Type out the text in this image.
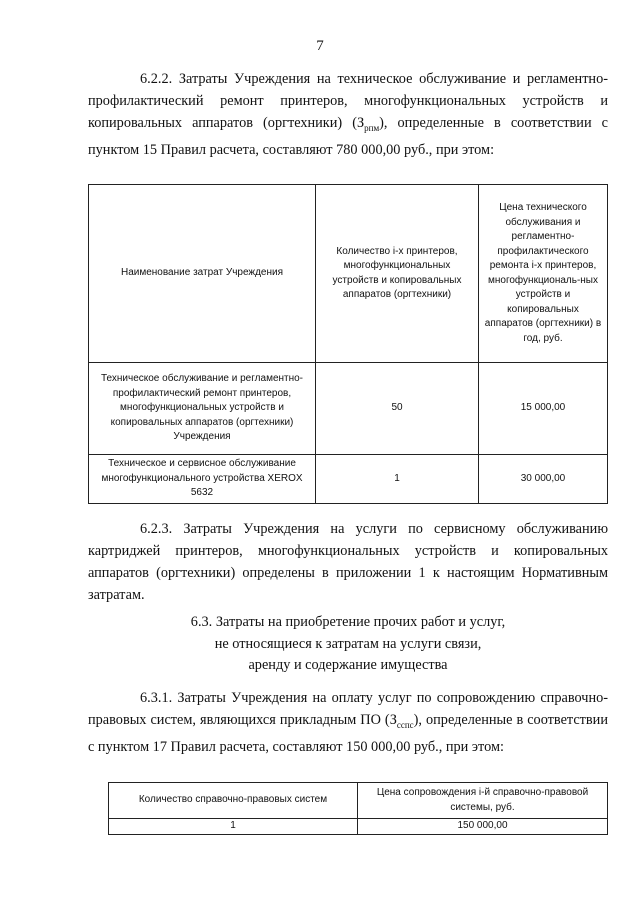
7

6.2.2. Затраты Учреждения на техническое обслуживание и регламентно-профилактический ремонт принтеров, многофункциональных устройств и копировальных аппаратов (оргтехники) $(З_{рпм})$, определенные в соответствии с пунктом 15 Правил расчета, составляют 780 000,00 руб., при этом:

Наименование затрат Учреждения	Количество i-х принтеров, многофункциональных устройств и копировальных аппаратов (оргтехники)	Цена технического обслуживания и регламентно-профилактического ремонта i-х принтеров, многофункциональ-ных устройств и копировальных аппаратов (оргтехники) в год, руб.
Техническое обслуживание и регламентно-профилактический ремонт принтеров, многофункциональных устройств и копировальных аппаратов (оргтехники) Учреждения	50	15 000,00
Техническое и сервисное обслуживание многофункционального устройства XEROX 5632	1	30 000,00

6.2.3. Затраты Учреждения на услуги по сервисному обслуживанию картриджей принтеров, многофункциональных устройств и копировальных аппаратов (оргтехники) определены в приложении 1 к настоящим Нормативным затратам.

6.3. Затраты на приобретение прочих работ и услуг,
не относящиеся к затратам на услуги связи,
аренду и содержание имущества

6.3.1. Затраты Учреждения на оплату услуг по сопровождению справочно-правовых систем, являющихся прикладным ПО $(З_{сспс})$, определенные в соответствии с пунктом 17 Правил расчета, составляют 150 000,00 руб., при этом:

Количество справочно-правовых систем	Цена сопровождения i-й справочно-правовой системы, руб.
1	150 000,00
